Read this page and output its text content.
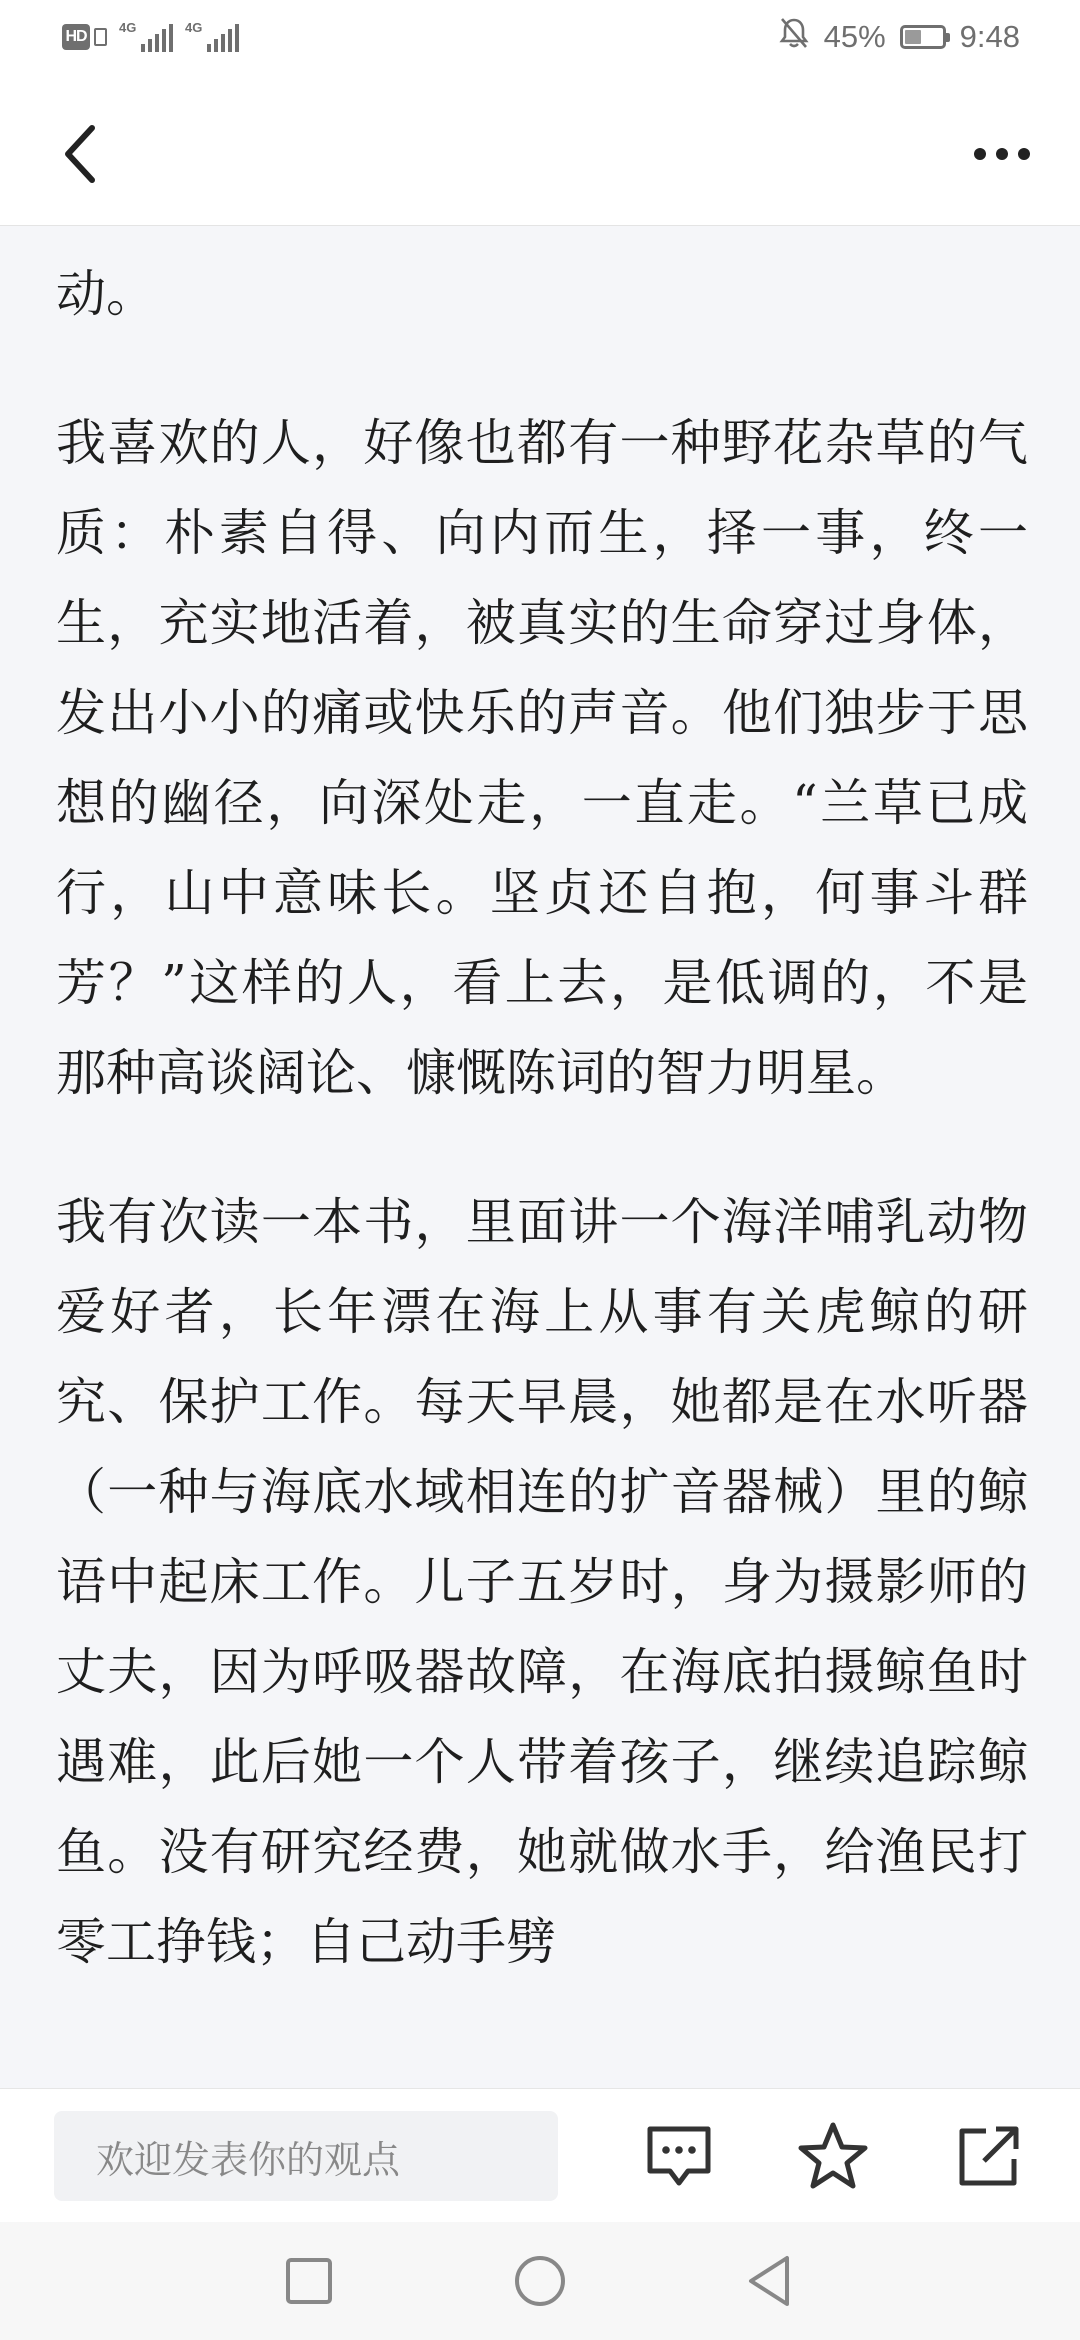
HD
4G	4G	45% 9:48

动。

我喜欢的人，好像也都有一种野花杂草的气质：朴素自得、向内而生，择一事，终一生，充实地活着，被真实的生命穿过身体，发出小小的痛或快乐的声音。他们独步于思想的幽径，向深处走，一直走。“兰草已成行，山中意味长。坚贞还自抱，何事斗群芳？”这样的人，看上去，是低调的，不是那种高谈阔论、慷慨陈词的智力明星。

我有次读一本书，里面讲一个海洋哺乳动物爱好者，长年漂在海上从事有关虎鲸的研究、保护工作。每天早晨，她都是在水听器（一种与海底水域相连的扩音器械）里的鲸语中起床工作。儿子五岁时，身为摄影师的丈夫，因为呼吸器故障，在海底拍摄鲸鱼时遇难，此后她一个人带着孩子，继续追踪鲸鱼。没有研究经费，她就做水手，给渔民打零工挣钱；自己动手劈

欢迎发表你的观点
